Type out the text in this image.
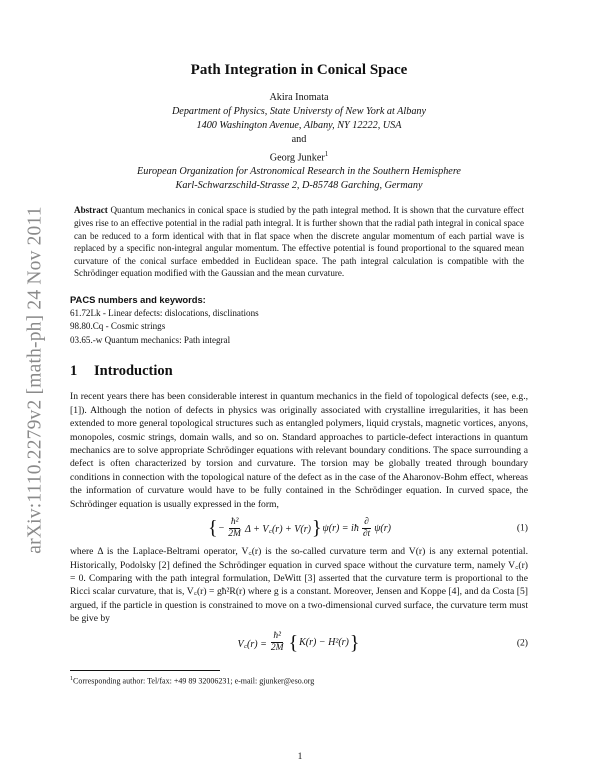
arXiv:1110.2279v2 [math-ph] 24 Nov 2011
Path Integration in Conical Space
Akira Inomata
Department of Physics, State Universty of New York at Albany
1400 Washington Avenue, Albany, NY 12222, USA
and
Georg Junker$^1$
European Organization for Astronomical Research in the Southern Hemisphere
Karl-Schwarzschild-Strasse 2, D-85748 Garching, Germany

Abstract Quantum mechanics in conical space is studied by the path integral method. It is shown that the curvature effect gives rise to an effective potential in the radial path integral. It is further shown that the radial path integral in conical space can be reduced to a form identical with that in flat space when the discrete angular momentum of each partial wave is replaced by a specific non-integral angular momentum. The effective potential is found proportional to the squared mean curvature of the conical surface embedded in Euclidean space. The path integral calculation is compatible with the Schrödinger equation modified with the Gaussian and the mean curvature.

PACS numbers and keywords:
61.72Lk - Linear defects: dislocations, disclinations
98.80.Cq - Cosmic strings
03.65.-w Quantum mechanics: Path integral
1 Introduction

In recent years there has been considerable interest in quantum mechanics in the field of topological defects (see, e.g., [1]). Although the notion of defects in physics was originally associated with crystalline irregularities, it has been extended to more general topological structures such as entangled polymers, liquid crystals, magnetic vortices, anyons, monopoles, cosmic strings, domain walls, and so on. Standard approaches to particle-defect interactions in quantum mechanics are to solve appropriate Schrödinger equations with relevant boundary conditions. The space surrounding a defect is often characterized by torsion and curvature. The torsion may be globally treated through boundary conditions in connection with the topological nature of the defect as in the case of the Aharonov-Bohm effect, whereas the information of curvature would have to be fully contained in the Schrödinger equation. In curved space, the Schrödinger equation is usually expressed in the form,

{ − $\frac{\text{ħ²}}{2M}$ Δ + V꜀(r) + V(r) } ψ(r) = iħ $\frac{\partial}{\partial t} \psi(r)$	(1)

where Δ is the Laplace-Beltrami operator, V꜀(r) is the so-called curvature term and V(r) is any external potential. Historically, Podolsky [2] defined the Schrödinger equation in curved space without the curvature term, namely V꜀(r) = 0. Comparing with the path integral formulation, DeWitt [3] asserted that the curvature term is proportional to the Ricci scalar curvature, that is, V꜀(r) = għ²R(r) where g is a constant. Moreover, Jensen and Koppe [4], and da Costa [5] argued, if the particle in question is constrained to move on a two-dimensional curved surface, the curvature term must be give by

V꜀(r) = $\frac{\text{ħ²}}{2M}$ { K(r) − H²(r) }	(2)
$^1$Corresponding author: Tel/fax: +49 89 32006231; e-mail: gjunker@eso.org
1
